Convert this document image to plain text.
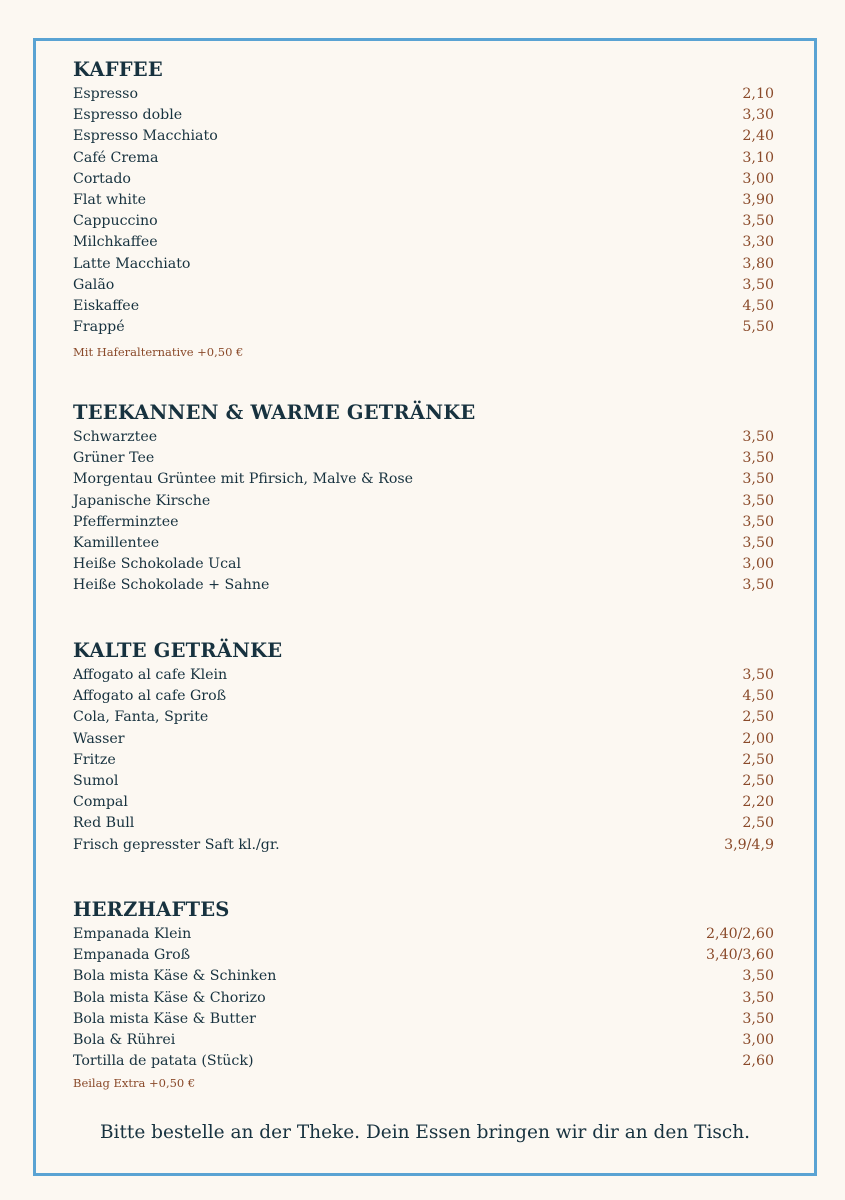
KAFFEE
Espresso	2,10
Espresso doble	3,30
Espresso Macchiato	2,40
Café Crema	3,10
Cortado	3,00
Flat white	3,90
Cappuccino	3,50
Milchkaffee	3,30
Latte Macchiato	3,80
Galão	3,50
Eiskaffee	4,50
Frappé	5,50
Mit Haferalternative +0,50 €
TEEKANNEN & WARME GETRÄNKE
Schwarztee	3,50
Grüner Tee	3,50
Morgentau Grüntee mit Pfirsich, Malve & Rose	3,50
Japanische Kirsche	3,50
Pfefferminztee	3,50
Kamillentee	3,50
Heiße Schokolade Ucal	3,00
Heiße Schokolade + Sahne	3,50
KALTE GETRÄNKE
Affogato al cafe Klein	3,50
Affogato al cafe Groß	4,50
Cola, Fanta, Sprite	2,50
Wasser	2,00
Fritze	2,50
Sumol	2,50
Compal	2,20
Red Bull	2,50
Frisch gepresster Saft kl./gr.	3,9/4,9
HERZHAFTES
Empanada Klein	2,40/2,60
Empanada Groß	3,40/3,60
Bola mista Käse & Schinken	3,50
Bola mista Käse & Chorizo	3,50
Bola mista Käse & Butter	3,50
Bola & Rührei	3,00
Tortilla de patata (Stück)	2,60
Beilag Extra +0,50 €
Bitte bestelle an der Theke. Dein Essen bringen wir dir an den Tisch.
